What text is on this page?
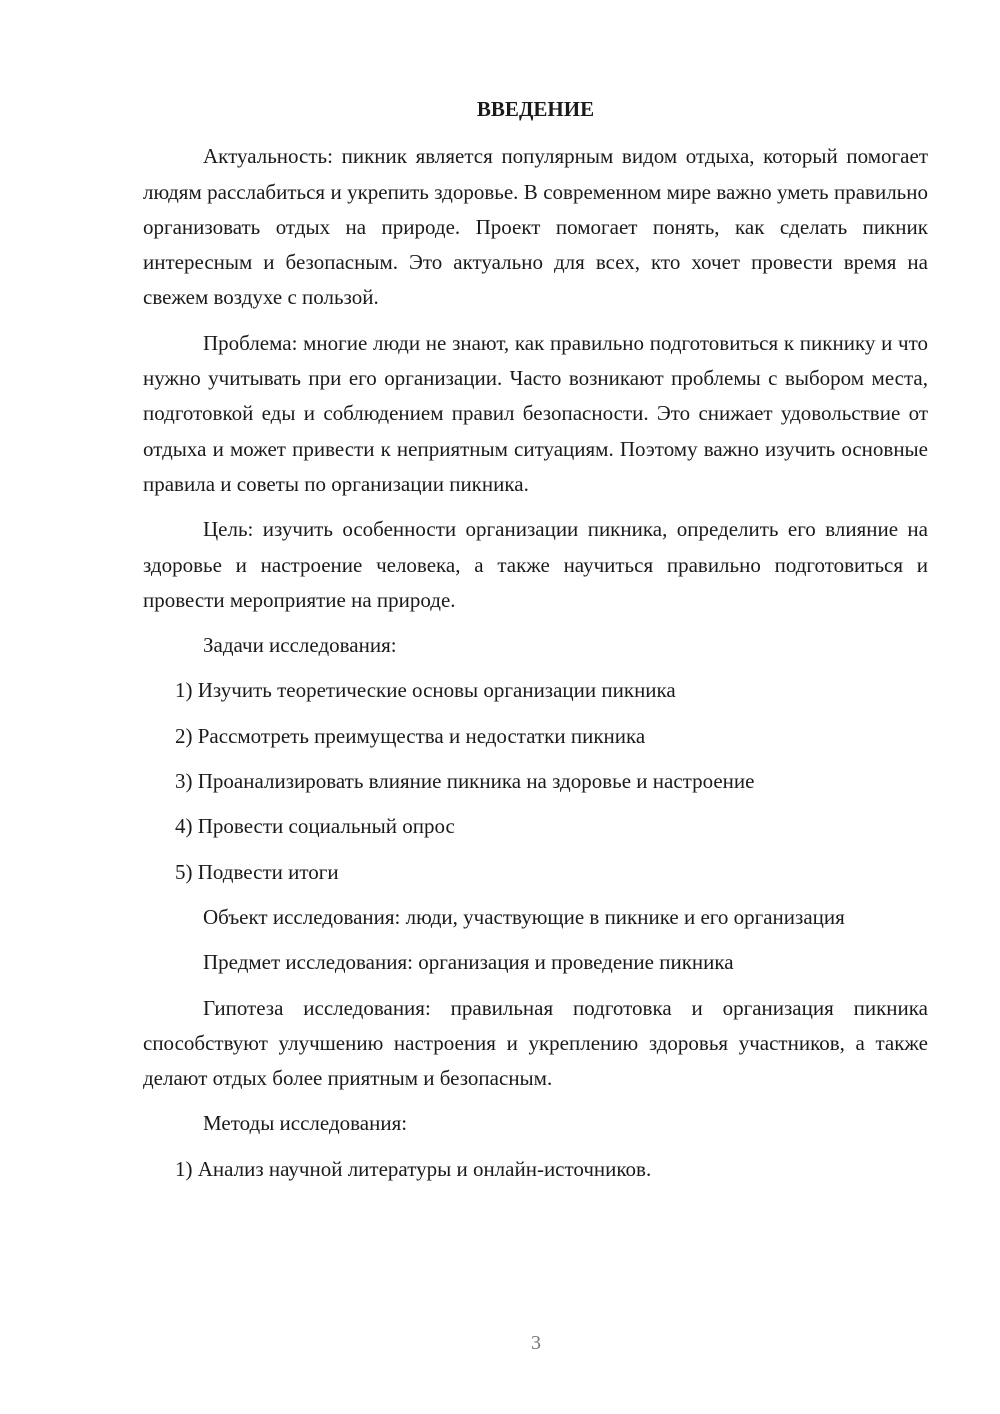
ВВЕДЕНИЕ

Актуальность: пикник является популярным видом отдыха, который помогает людям расслабиться и укрепить здоровье. В современном мире важно уметь правильно организовать отдых на природе. Проект помогает понять, как сделать пикник интересным и безопасным. Это актуально для всех, кто хочет провести время на свежем воздухе с пользой.

Проблема: многие люди не знают, как правильно подготовиться к пикнику и что нужно учитывать при его организации. Часто возникают проблемы с выбором места, подготовкой еды и соблюдением правил безопасности. Это снижает удовольствие от отдыха и может привести к неприятным ситуациям. Поэтому важно изучить основные правила и советы по организации пикника.

Цель: изучить особенности организации пикника, определить его влияние на здоровье и настроение человека, а также научиться правильно подготовиться и провести мероприятие на природе.

Задачи исследования:

1) Изучить теоретические основы организации пикника
2) Рассмотреть преимущества и недостатки пикника
3) Проанализировать влияние пикника на здоровье и настроение
4) Провести социальный опрос
5) Подвести итоги

Объект исследования: люди, участвующие в пикнике и его организация

Предмет исследования: организация и проведение пикника

Гипотеза исследования: правильная подготовка и организация пикника способствуют улучшению настроения и укреплению здоровья участников, а также делают отдых более приятным и безопасным.

Методы исследования:

1) Анализ научной литературы и онлайн-источников.
3
